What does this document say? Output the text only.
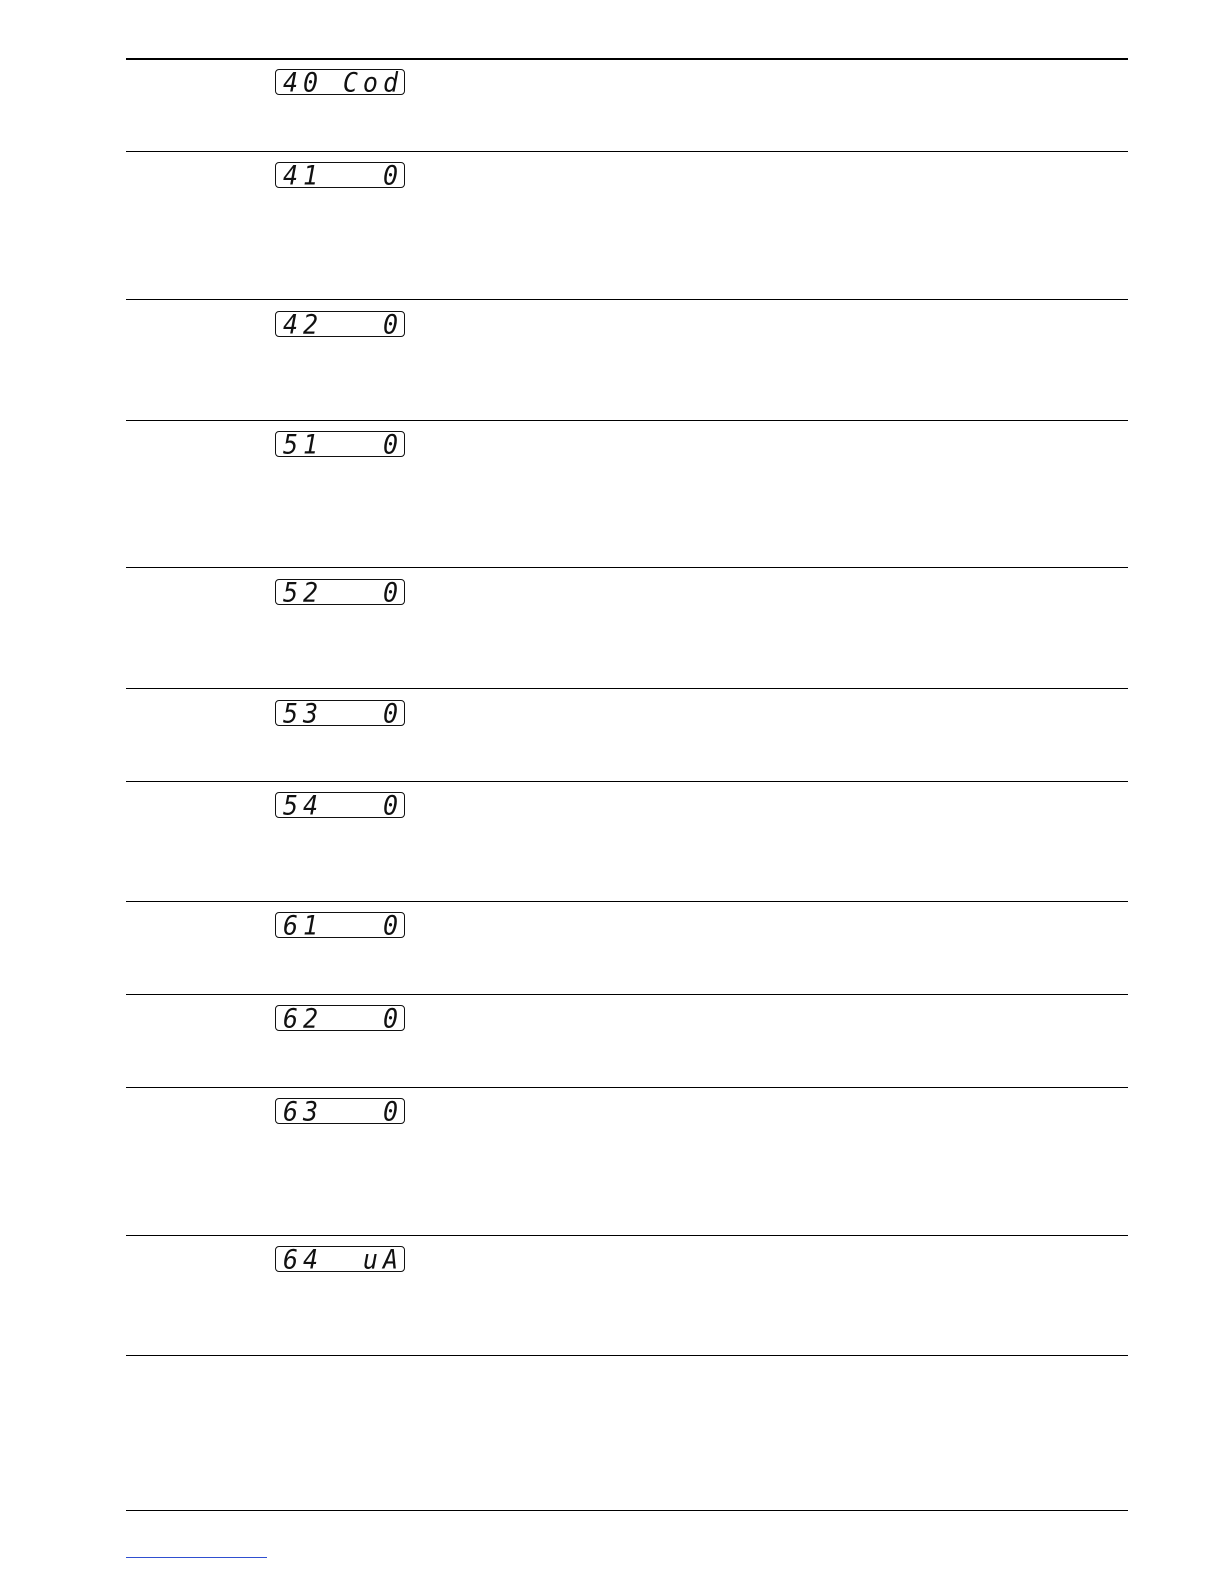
40 Cod
41 0
42 0
51 0
52 0
53 0
54 0
61 0
62 0
63 0
64 uA
